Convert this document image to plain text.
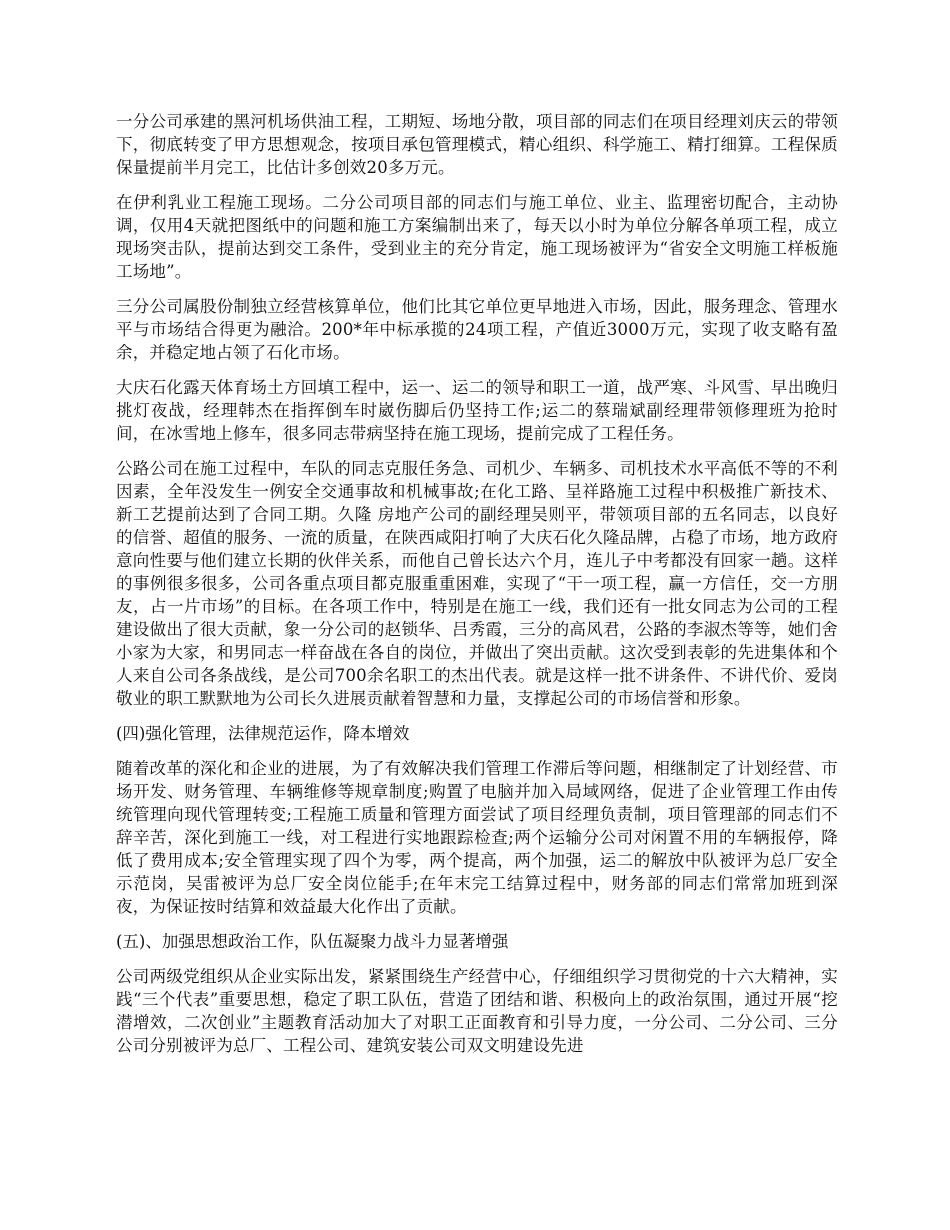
一分公司承建的黑河机场供油工程，工期短、场地分散，项目部的同志们在项目经理刘庆云的带领下，彻底转变了甲方思想观念，按项目承包管理模式，精心组织、科学施工、精打细算。工程保质保量提前半月完工，比估计多创效20多万元。

在伊利乳业工程施工现场。二分公司项目部的同志们与施工单位、业主、监理密切配合，主动协调，仅用4天就把图纸中的问题和施工方案编制出来了，每天以小时为单位分解各单项工程，成立现场突击队，提前达到交工条件，受到业主的充分肯定，施工现场被评为“省安全文明施工样板施工场地”。

三分公司属股份制独立经营核算单位，他们比其它单位更早地进入市场，因此，服务理念、管理水平与市场结合得更为融洽。200*年中标承揽的24项工程，产值近3000万元，实现了收支略有盈余，并稳定地占领了石化市场。

大庆石化露天体育场土方回填工程中，运一、运二的领导和职工一道，战严寒、斗风雪、早出晚归挑灯夜战，经理韩杰在指挥倒车时崴伤脚后仍坚持工作;运二的蔡瑞斌副经理带领修理班为抢时间，在冰雪地上修车，很多同志带病坚持在施工现场，提前完成了工程任务。

公路公司在施工过程中，车队的同志克服任务急、司机少、车辆多、司机技术水平高低不等的不利因素，全年没发生一例安全交通事故和机械事故;在化工路、呈祥路施工过程中积极推广新技术、新工艺提前达到了合同工期。久隆 房地产公司的副经理吴则平，带领项目部的五名同志，以良好的信誉、超值的服务、一流的质量，在陕西咸阳打响了大庆石化久隆品牌，占稳了市场，地方政府意向性要与他们建立长期的伙伴关系，而他自己曾长达六个月，连儿子中考都没有回家一趟。这样的事例很多很多，公司各重点项目都克服重重困难，实现了“干一项工程，赢一方信任，交一方朋友，占一片市场”的目标。在各项工作中，特别是在施工一线，我们还有一批女同志为公司的工程建设做出了很大贡献，象一分公司的赵锁华、吕秀霞，三分的高风君，公路的李淑杰等等，她们舍小家为大家，和男同志一样奋战在各自的岗位，并做出了突出贡献。这次受到表彰的先进集体和个人来自公司各条战线，是公司700余名职工的杰出代表。就是这样一批不讲条件、不讲代价、爱岗敬业的职工默默地为公司长久进展贡献着智慧和力量，支撑起公司的市场信誉和形象。

(四)强化管理，法律规范运作，降本增效

随着改革的深化和企业的进展，为了有效解决我们管理工作滞后等问题，相继制定了计划经营、市场开发、财务管理、车辆维修等规章制度;购置了电脑并加入局域网络，促进了企业管理工作由传统管理向现代管理转变;工程施工质量和管理方面尝试了项目经理负责制，项目管理部的同志们不辞辛苦，深化到施工一线，对工程进行实地跟踪检查;两个运输分公司对闲置不用的车辆报停，降低了费用成本;安全管理实现了四个为零，两个提高，两个加强，运二的解放中队被评为总厂安全示范岗，吴雷被评为总厂安全岗位能手;在年末完工结算过程中，财务部的同志们常常加班到深夜，为保证按时结算和效益最大化作出了贡献。

(五)、加强思想政治工作，队伍凝聚力战斗力显著增强

公司两级党组织从企业实际出发，紧紧围绕生产经营中心，仔细组织学习贯彻党的十六大精神，实践“三个代表”重要思想，稳定了职工队伍，营造了团结和谐、积极向上的政治氛围，通过开展“挖潜增效，二次创业”主题教育活动加大了对职工正面教育和引导力度，一分公司、二分公司、三分公司分别被评为总厂、工程公司、建筑安装公司双文明建设先进
